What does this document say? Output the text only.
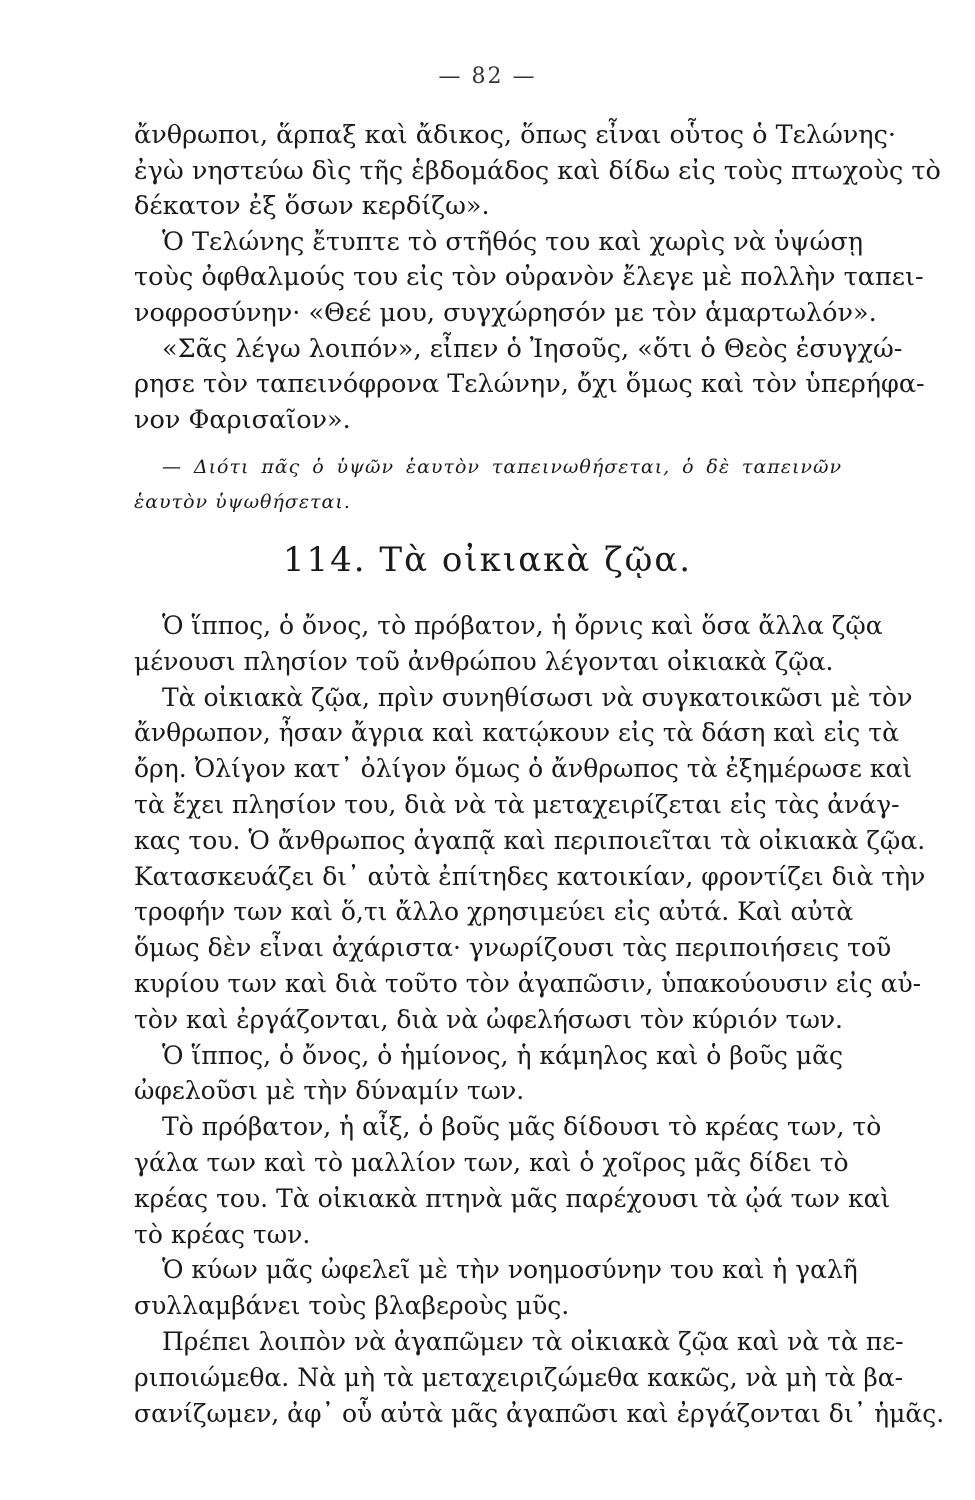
— 82 —
ἄνθρωποι, ἅρπαξ καὶ ἄδικος, ὅπως εἶναι οὗτος ὁ Τελώνης·
ἐγὼ νηστεύω δὶς τῆς ἑβδομάδος καὶ δίδω εἰς τοὺς πτωχοὺς τὸ
δέκατον ἐξ ὅσων κερδίζω».
Ὁ Τελώνης ἔτυπτε τὸ στῆθός του καὶ χωρὶς νὰ ὑψώσῃ
τοὺς ὀφθαλμούς του εἰς τὸν οὐρανὸν ἔλεγε μὲ πολλὴν ταπει-
νοφροσύνην· «Θεέ μου, συγχώρησόν με τὸν ἁμαρτωλόν».
«Σᾶς λέγω λοιπόν», εἶπεν ὁ Ἰησοῦς, «ὅτι ὁ Θεὸς ἐσυγχώ-
ρησε τὸν ταπεινόφρονα Τελώνην, ὄχι ὅμως καὶ τὸν ὑπερήφα-
νον Φαρισαῖον».
— Διότι πᾶς ὁ ὑψῶν ἑαυτὸν ταπεινωθήσεται, ὁ δὲ ταπεινῶν
ἑαυτὸν ὑψωθήσεται.
114. Τὰ οἰκιακὰ ζῷα.
Ὁ ἵππος, ὁ ὄνος, τὸ πρόβατον, ἡ ὄρνις καὶ ὅσα ἄλλα ζῷα
μένουσι πλησίον τοῦ ἀνθρώπου λέγονται οἰκιακὰ ζῷα.
Τὰ οἰκιακὰ ζῷα, πρὶν συνηθίσωσι νὰ συγκατοικῶσι μὲ τὸν
ἄνθρωπον, ἦσαν ἄγρια καὶ κατῴκουν εἰς τὰ δάση καὶ εἰς τὰ
ὄρη. Ὀλίγον κατ᾽ ὀλίγον ὅμως ὁ ἄνθρωπος τὰ ἐξημέρωσε καὶ
τὰ ἔχει πλησίον του, διὰ νὰ τὰ μεταχειρίζεται εἰς τὰς ἀνάγ-
κας του. Ὁ ἄνθρωπος ἀγαπᾷ καὶ περιποιεῖται τὰ οἰκιακὰ ζῷα.
Κατασκευάζει δι᾽ αὐτὰ ἐπίτηδες κατοικίαν, φροντίζει διὰ τὴν
τροφήν των καὶ ὅ,τι ἄλλο χρησιμεύει εἰς αὐτά. Καὶ αὐτὰ
ὅμως δὲν εἶναι ἀχάριστα· γνωρίζουσι τὰς περιποιήσεις τοῦ
κυρίου των καὶ διὰ τοῦτο τὸν ἀγαπῶσιν, ὑπακούουσιν εἰς αὐ-
τὸν καὶ ἐργάζονται, διὰ νὰ ὠφελήσωσι τὸν κύριόν των.
Ὁ ἵππος, ὁ ὄνος, ὁ ἡμίονος, ἡ κάμηλος καὶ ὁ βοῦς μᾶς
ὠφελοῦσι μὲ τὴν δύναμίν των.
Τὸ πρόβατον, ἡ αἶξ, ὁ βοῦς μᾶς δίδουσι τὸ κρέας των, τὸ
γάλα των καὶ τὸ μαλλίον των, καὶ ὁ χοῖρος μᾶς δίδει τὸ
κρέας του. Τὰ οἰκιακὰ πτηνὰ μᾶς παρέχουσι τὰ ᾠά των καὶ
τὸ κρέας των.
Ὁ κύων μᾶς ὠφελεῖ μὲ τὴν νοημοσύνην του καὶ ἡ γαλῆ
συλλαμβάνει τοὺς βλαβεροὺς μῦς.
Πρέπει λοιπὸν νὰ ἀγαπῶμεν τὰ οἰκιακὰ ζῷα καὶ νὰ τὰ πε-
ριποιώμεθα. Νὰ μὴ τὰ μεταχειριζώμεθα κακῶς, νὰ μὴ τὰ βα-
σανίζωμεν, ἀφ᾽ οὗ αὐτὰ μᾶς ἀγαπῶσι καὶ ἐργάζονται δι᾽ ἡμᾶς.
